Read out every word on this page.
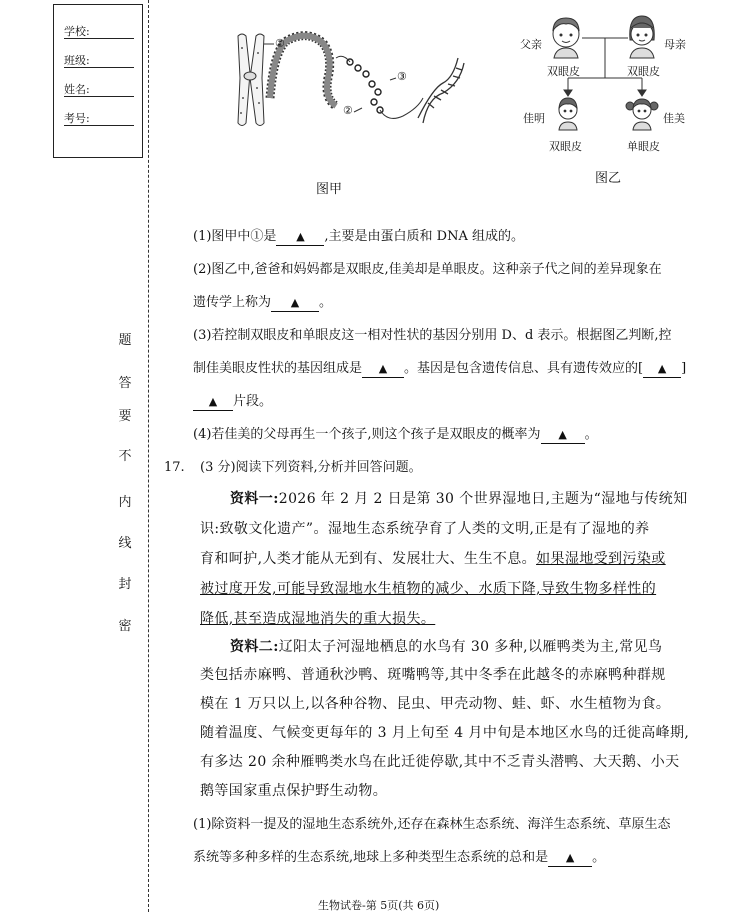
学校:
班级:
姓名:
考号:
题
答
要
不
内
线
封
密
①
②
③
图甲
父亲	母亲
双眼皮	双眼皮
佳明	佳美
双眼皮	单眼皮
图乙
(1)图甲中①是 ▲ ,主要是由蛋白质和 DNA 组成的。
(2)图乙中,爸爸和妈妈都是双眼皮,佳美却是单眼皮。这种亲子代之间的差异现象在
遗传学上称为 ▲ 。
(3)若控制双眼皮和单眼皮这一相对性状的基因分别用 D、d 表示。根据图乙判断,控
制佳美眼皮性状的基因组成是 ▲ 。基因是包含遗传信息、具有遗传效应的[ ▲ ]
▲ 片段。
(4)若佳美的父母再生一个孩子,则这个孩子是双眼皮的概率为 ▲ 。
17. (3 分)阅读下列资料,分析并回答问题。
资料一:2026 年 2 月 2 日是第 30 个世界湿地日,主题为“湿地与传统知
识:致敬文化遗产”。湿地生态系统孕育了人类的文明,正是有了湿地的养
育和呵护,人类才能从无到有、发展壮大、生生不息。如果湿地受到污染或
被过度开发,可能导致湿地水生植物的减少、水质下降,导致生物多样性的
降低,甚至造成湿地消失的重大损失。
资料二:辽阳太子河湿地栖息的水鸟有 30 多种,以雁鸭类为主,常见鸟
类包括赤麻鸭、普通秋沙鸭、斑嘴鸭等,其中冬季在此越冬的赤麻鸭种群规
模在 1 万只以上,以各种谷物、昆虫、甲壳动物、蛙、虾、水生植物为食。
随着温度、气候变更每年的 3 月上旬至 4 月中旬是本地区水鸟的迁徙高峰期,
有多达 20 余种雁鸭类水鸟在此迁徙停歇,其中不乏青头潜鸭、大天鹅、小天
鹅等国家重点保护野生动物。
(1)除资料一提及的湿地生态系统外,还存在森林生态系统、海洋生态系统、草原生态
系统等多种多样的生态系统,地球上多种类型生态系统的总和是 ▲ 。
生物试卷-第 5页(共 6页)
